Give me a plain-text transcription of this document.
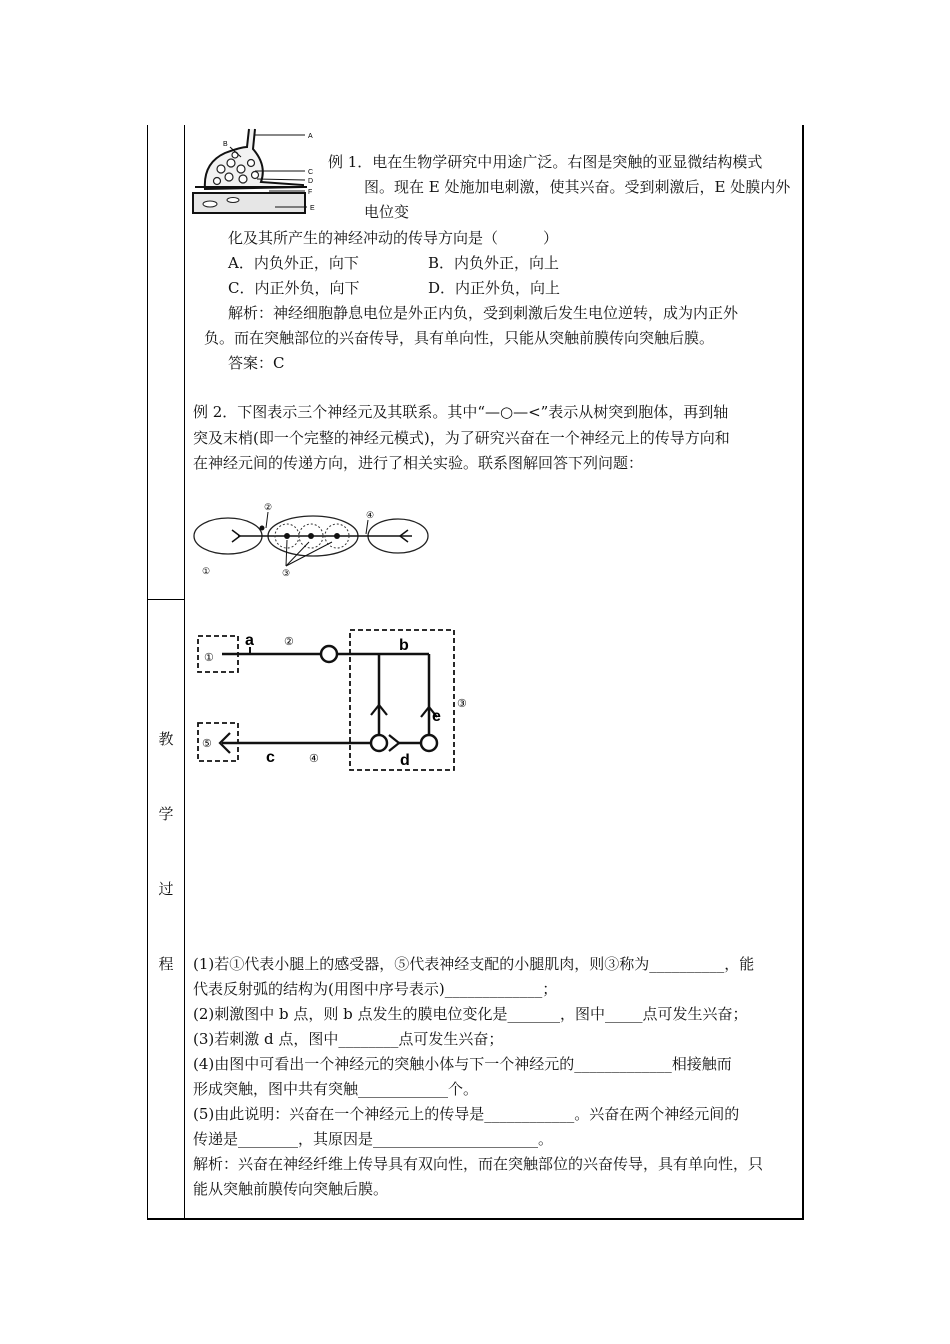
教
学
过
程
A
B
C
D
F
E
例 1．电在生物学研究中用途广泛。右图是突触的亚显微结构模式
图。现在 E 处施加电刺激，使其兴奋。受到刺激后，E 处膜内外
电位变
化及其所产生的神经冲动的传导方向是（　　　）
A．内负外正，向下	B．内负外正，向上
C．内正外负，向下	D．内正外负，向上
解析：神经细胞静息电位是外正内负，受到刺激后发生电位逆转，成为内正外
负。而在突触部位的兴奋传导，具有单向性，只能从突触前膜传向突触后膜。
答案：C
例 2．下图表示三个神经元及其联系。其中“—○—<”表示从树突到胞体，再到轴
突及末梢(即一个完整的神经元模式)，为了研究兴奋在一个神经元上的传导方向和
在神经元间的传递方向，进行了相关实验。联系图解回答下列问题：
①
②
③
④
①
a	②	b
③
e
⑤
c	④	d
(1)若①代表小腿上的感受器，⑤代表神经支配的小腿肌肉，则③称为__________，能
代表反射弧的结构为(用图中序号表示)_____________；
(2)刺激图中 b 点，则 b 点发生的膜电位变化是_______，图中_____点可发生兴奋；
(3)若刺激 d 点，图中________点可发生兴奋；
(4)由图中可看出一个神经元的突触小体与下一个神经元的_____________相接触而
形成突触，图中共有突触____________个。
(5)由此说明：兴奋在一个神经元上的传导是____________。兴奋在两个神经元间的
传递是________，其原因是______________________。
解析：兴奋在神经纤维上传导具有双向性，而在突触部位的兴奋传导，具有单向性，只
能从突触前膜传向突触后膜。
